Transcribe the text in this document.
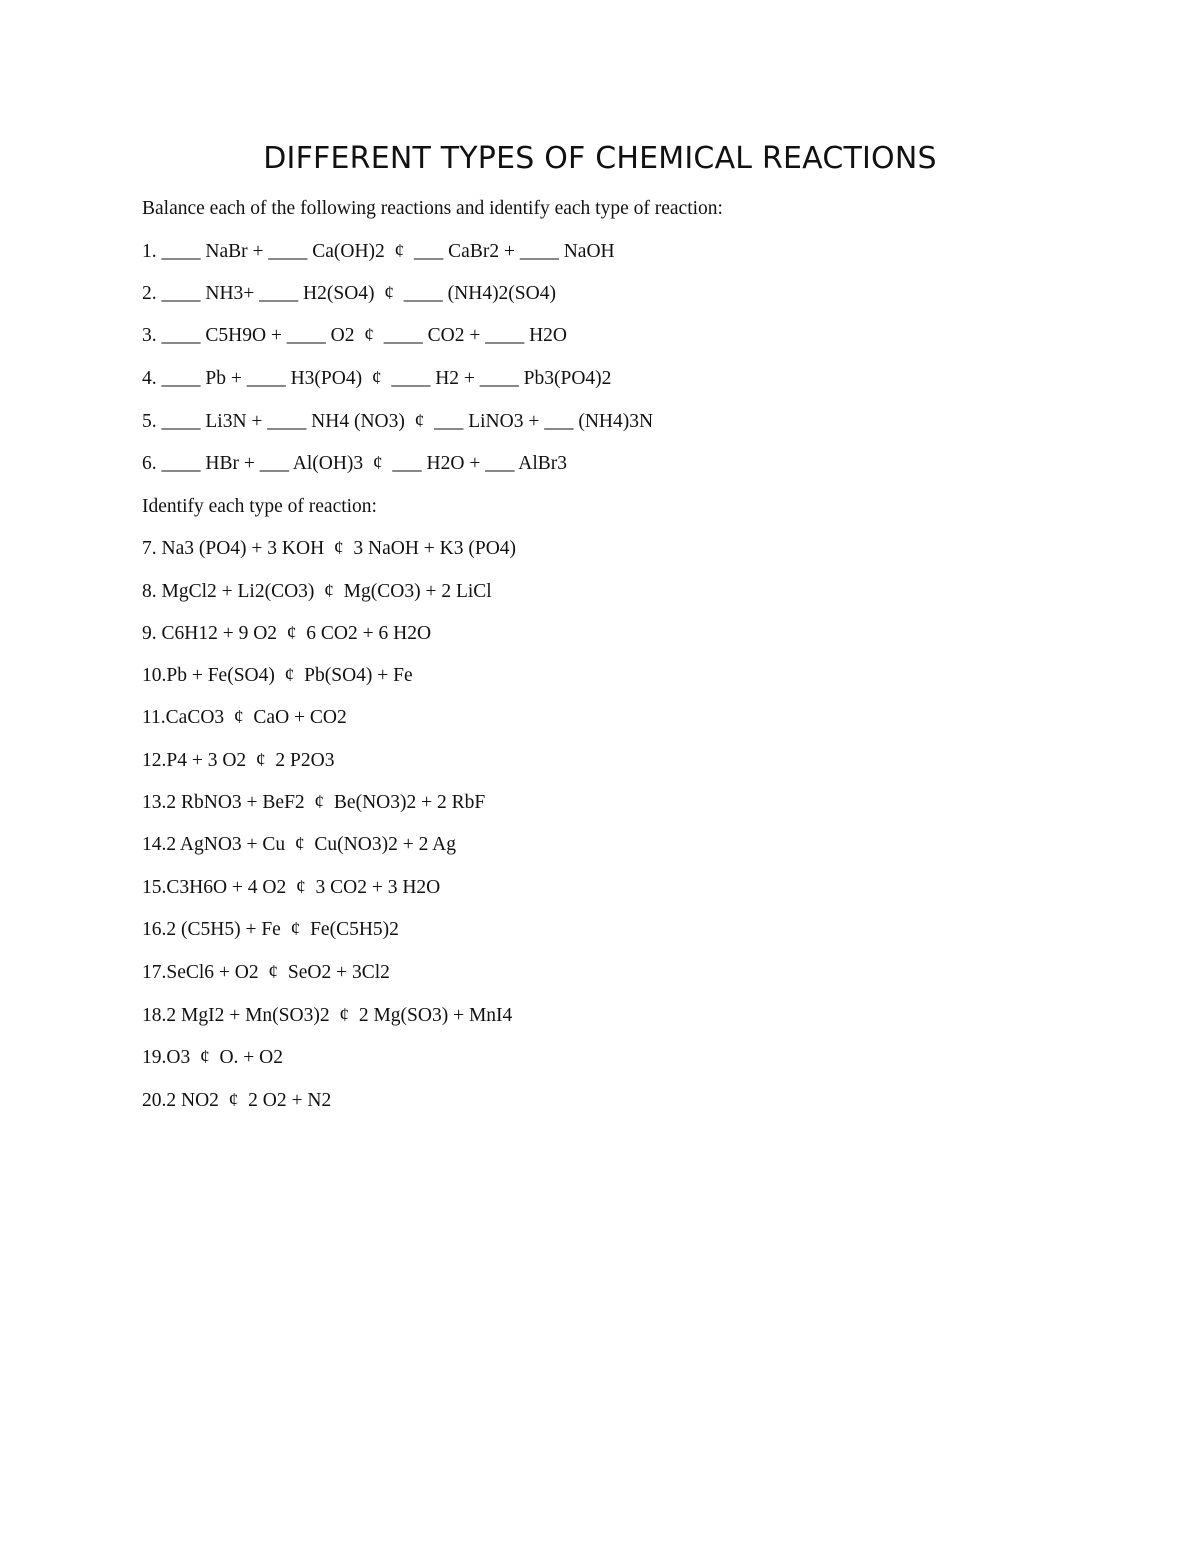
DIFFERENT TYPES OF CHEMICAL REACTIONS
Balance each of the following reactions and identify each type of reaction:
1. ____ NaBr + ____ Ca(OH)2  ¢  ___ CaBr2 + ____ NaOH
2. ____ NH3+ ____ H2(SO4)  ¢  ____ (NH4)2(SO4)
3. ____ C5H9O + ____ O2  ¢  ____ CO2 + ____ H2O
4. ____ Pb + ____ H3(PO4)  ¢  ____ H2 + ____ Pb3(PO4)2
5. ____ Li3N + ____ NH4 (NO3)  ¢  ___ LiNO3 + ___ (NH4)3N
6. ____ HBr + ___ Al(OH)3  ¢  ___ H2O + ___ AlBr3
Identify each type of reaction:
7. Na3 (PO4) + 3 KOH  ¢  3 NaOH + K3 (PO4)
8. MgCl2 + Li2(CO3)  ¢  Mg(CO3) + 2 LiCl
9. C6H12 + 9 O2  ¢  6 CO2 + 6 H2O
10.Pb + Fe(SO4)  ¢  Pb(SO4) + Fe
11.CaCO3  ¢  CaO + CO2
12.P4 + 3 O2  ¢  2 P2O3
13.2 RbNO3 + BeF2  ¢  Be(NO3)2 + 2 RbF
14.2 AgNO3 + Cu  ¢  Cu(NO3)2 + 2 Ag
15.C3H6O + 4 O2  ¢  3 CO2 + 3 H2O
16.2 (C5H5) + Fe  ¢  Fe(C5H5)2
17.SeCl6 + O2  ¢  SeO2 + 3Cl2
18.2 MgI2 + Mn(SO3)2  ¢  2 Mg(SO3) + MnI4
19.O3  ¢  O. + O2
20.2 NO2  ¢  2 O2 + N2
